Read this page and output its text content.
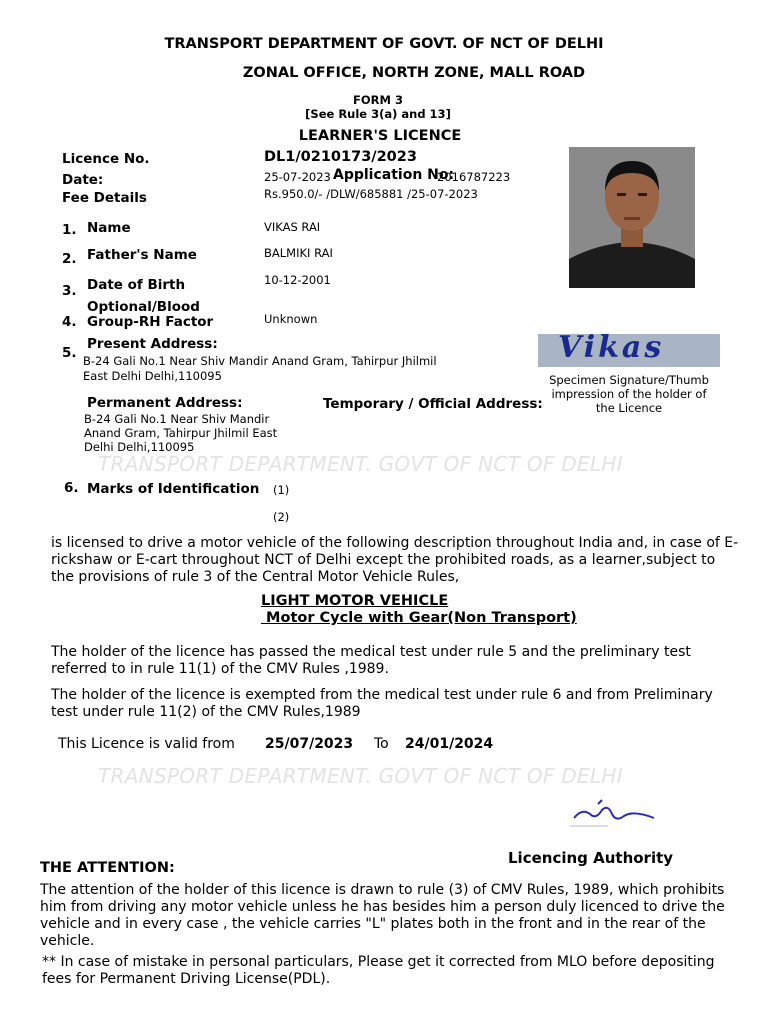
TRANSPORT DEPARTMENT OF GOVT. OF NCT OF DELHI
ZONAL OFFICE, NORTH ZONE, MALL ROAD
FORM 3
[See Rule 3(a) and 13]
LEARNER'S LICENCE
Licence No.	DL1/0210173/2023
Date:	25-07-2023 Application No:
2016787223
Fee Details	Rs.950.0/- /DLW/685881 /25-07-2023
1. Name	VIKAS RAI
2. Father's Name	BALMIKI RAI
3. Date of Birth	10-12-2001
4.
Optional/Blood
Group-RH Factor	Unknown
5.
Present Address:
B-24 Gali No.1 Near Shiv Mandir Anand Gram, Tahirpur Jhilmil
East Delhi Delhi,110095
Vikas
Specimen Signature/Thumb
impression of the holder of
the Licence
Permanent Address:	Temporary / Official Address:
B-24 Gali No.1 Near Shiv Mandir
Anand Gram, Tahirpur Jhilmil East
Delhi Delhi,110095
TRANSPORT DEPARTMENT. GOVT OF NCT OF DELHI
6. Marks of Identification (1)
(2)
is licensed to drive a motor vehicle of the following description throughout India and, in case of E-rickshaw or E-cart throughout NCT of Delhi except the prohibited roads, as a learner,subject to the provisions of rule 3 of the Central Motor Vehicle Rules,
LIGHT MOTOR VEHICLE
Motor Cycle with Gear(Non Transport)
The holder of the licence has passed the medical test under rule 5 and the preliminary test referred to in rule 11(1) of the CMV Rules ,1989.
The holder of the licence is exempted from the medical test under rule 6 and from Preliminary test under rule 11(2) of the CMV Rules,1989
This Licence is valid from 25/07/2023 To 24/01/2024
TRANSPORT DEPARTMENT. GOVT OF NCT OF DELHI
Licencing Authority
THE ATTENTION:
The attention of the holder of this licence is drawn to rule (3) of CMV Rules, 1989, which prohibits him from driving any motor vehicle unless he has besides him a person duly licenced to drive the vehicle and in every case , the vehicle carries "L" plates both in the front and in the rear of the vehicle.
** In case of mistake in personal particulars, Please get it corrected from MLO before depositing fees for Permanent Driving License(PDL).
